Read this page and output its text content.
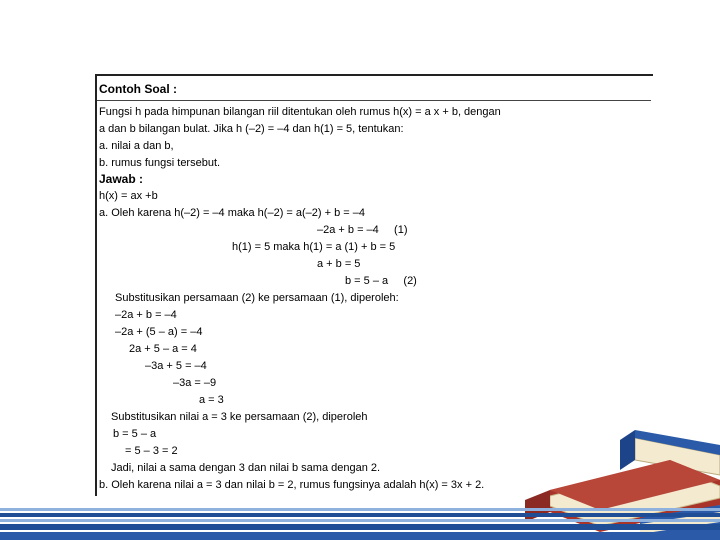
Contoh Soal :
Fungsi h pada himpunan bilangan riil ditentukan oleh rumus h(x) = a x + b, dengan
a dan b bilangan bulat. Jika h (–2) = –4 dan h(1) = 5, tentukan:
a. nilai a dan b,
b. rumus fungsi tersebut.
Jawab :
h(x) = ax +b
a. Oleh karena h(–2) = –4 maka h(–2) = a(–2) + b = –4
–2a + b = –4     (1)
h(1) = 5 maka h(1) = a (1) + b = 5
a + b = 5
b = 5 – a     (2)
Substitusikan persamaan (2) ke persamaan (1), diperoleh:
–2a + b = –4
–2a + (5 – a) = –4
2a + 5 – a = 4
–3a + 5 = –4
–3a = –9
a = 3
Substitusikan nilai a = 3 ke persamaan (2), diperoleh
b = 5 – a
= 5 – 3 = 2
Jadi, nilai a sama dengan 3 dan nilai b sama dengan 2.
b. Oleh karena nilai a = 3 dan nilai b = 2, rumus fungsinya adalah h(x) = 3x + 2.
